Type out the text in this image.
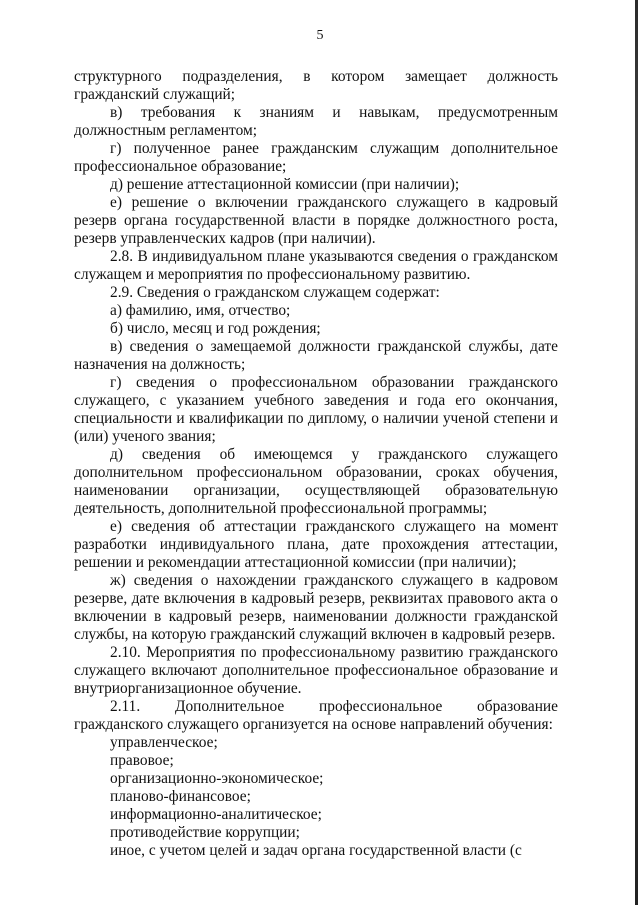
5

структурного подразделения, в котором замещает должность гражданский служащий;

в) требования к знаниям и навыкам, предусмотренным должностным регламентом;

г) полученное ранее гражданским служащим дополнительное профессиональное образование;

д) решение аттестационной комиссии (при наличии);

е) решение о включении гражданского служащего в кадровый резерв органа государственной власти в порядке должностного роста, резерв управленческих кадров (при наличии).

2.8. В индивидуальном плане указываются сведения о гражданском служащем и мероприятия по профессиональному развитию.

2.9. Сведения о гражданском служащем содержат:

а) фамилию, имя, отчество;

б) число, месяц и год рождения;

в) сведения о замещаемой должности гражданской службы, дате назначения на должность;

г) сведения о профессиональном образовании гражданского служащего, с указанием учебного заведения и года его окончания, специальности и квалификации по диплому, о наличии ученой степени и (или) ученого звания;

д) сведения об имеющемся у гражданского служащего дополнительном профессиональном образовании, сроках обучения, наименовании организации, осуществляющей образовательную деятельность, дополнительной профессиональной программы;

е) сведения об аттестации гражданского служащего на момент разработки индивидуального плана, дате прохождения аттестации, решении и рекомендации аттестационной комиссии (при наличии);

ж) сведения о нахождении гражданского служащего в кадровом резерве, дате включения в кадровый резерв, реквизитах правового акта о включении в кадровый резерв, наименовании должности гражданской службы, на которую гражданский служащий включен в кадровый резерв.

2.10. Мероприятия по профессиональному развитию гражданского служащего включают дополнительное профессиональное образование и внутриорганизационное обучение.

2.11. Дополнительное профессиональное образование гражданского служащего организуется на основе направлений обучения:

управленческое;

правовое;

организационно-экономическое;

планово-финансовое;

информационно-аналитическое;

противодействие коррупции;

иное, с учетом целей и задач органа государственной власти (с
